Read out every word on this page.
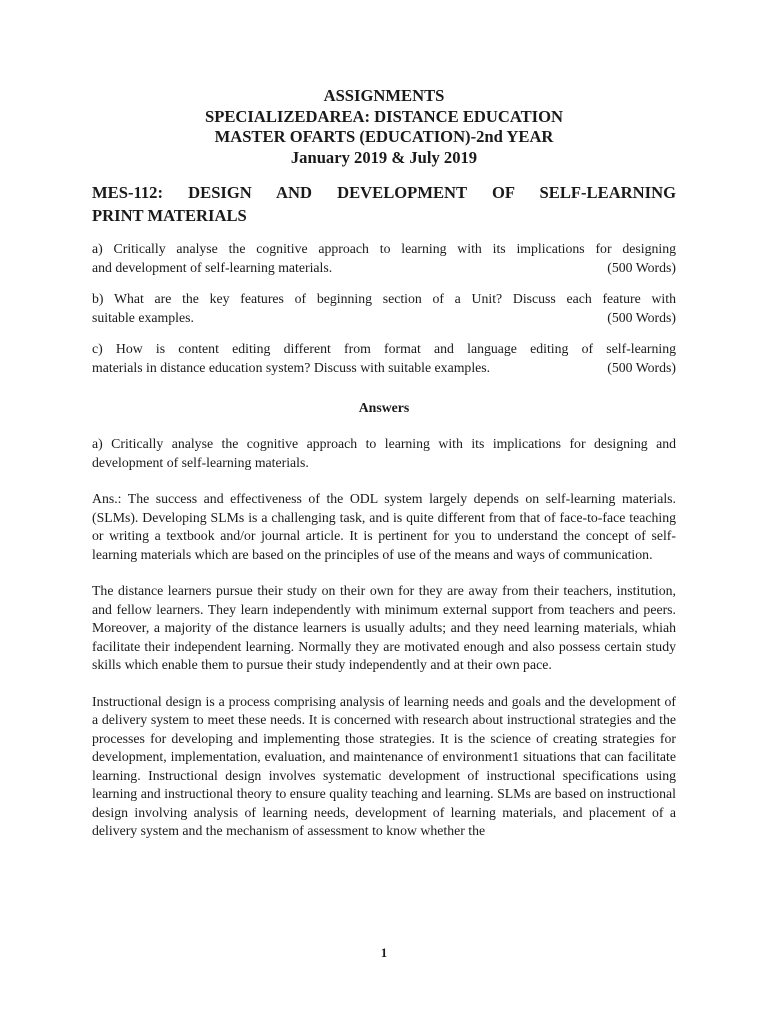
ASSIGNMENTS
SPECIALIZEDAREA: DISTANCE EDUCATION
MASTER OFARTS (EDUCATION)-2nd YEAR
January 2019 & July 2019
MES-112: DESIGN AND DEVELOPMENT OF SELF-LEARNING
PRINT MATERIALS
a) Critically analyse the cognitive approach to learning with its implications for designing
and development of self-learning materials.	(500 Words)
b) What are the key features of beginning section of a Unit? Discuss each feature with
suitable examples.	(500 Words)
c) How is content editing different from format and language editing of self-learning
materials in distance education system? Discuss with suitable examples.	(500 Words)
Answers
a) Critically analyse the cognitive approach to learning with its implications for designing and development of self-learning materials.
Ans.: The success and effectiveness of the ODL system largely depends on self-learning materials. (SLMs). Developing SLMs is a challenging task, and is quite different from that of face-to-face teaching or writing a textbook and/or journal article. It is pertinent for you to understand the concept of self-learning materials which are based on the principles of use of the means and ways of communication.
The distance learners pursue their study on their own for they are away from their teachers, institution, and fellow learners. They learn independently with minimum external support from teachers and peers. Moreover, a majority of the distance learners is usually adults; and they need learning materials, whiah facilitate their independent learning. Normally they are motivated enough and also possess certain study skills which enable them to pursue their study independently and at their own pace.
Instructional design is a process comprising analysis of learning needs and goals and the development of a delivery system to meet these needs. It is concerned with research about instructional strategies and the processes for developing and implementing those strategies. It is the science of creating strategies for development, implementation, evaluation, and maintenance of environment1 situations that can facilitate learning. Instructional design involves systematic development of instructional specifications using learning and instructional theory to ensure quality teaching and learning. SLMs are based on instructional design involving analysis of learning needs, development of learning materials, and placement of a delivery system and the mechanism of assessment to know whether the
1
